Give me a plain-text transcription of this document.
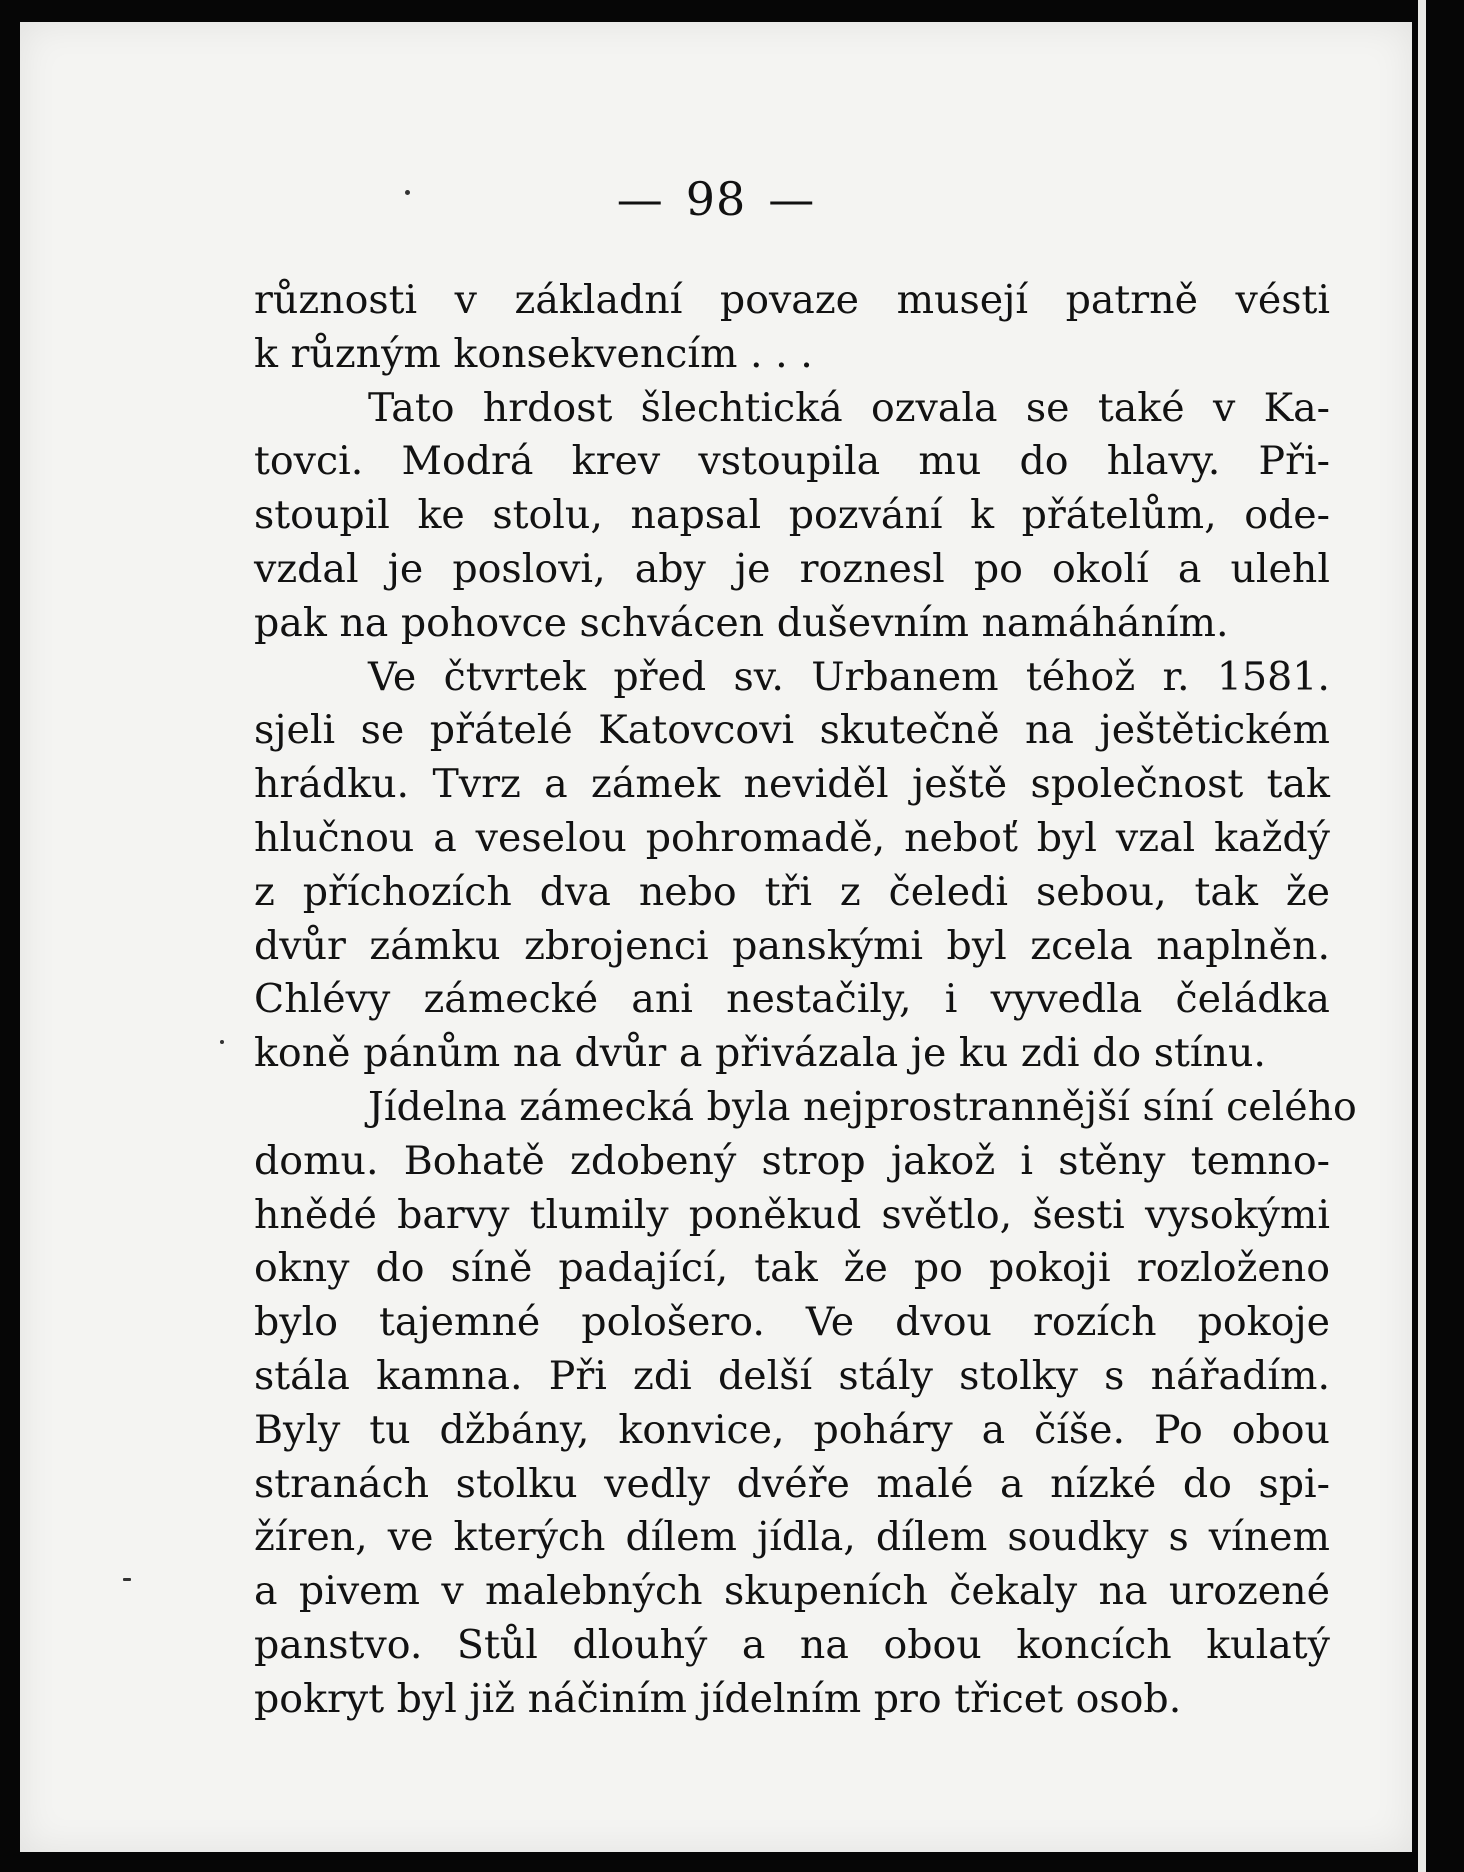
— 98 —
různosti v základní povaze musejí patrně vésti
k různým konsekvencím . . .
Tato hrdost šlechtická ozvala se také v Ka-
tovci. Modrá krev vstoupila mu do hlavy. Při-
stoupil ke stolu, napsal pozvání k přátelům, ode-
vzdal je poslovi, aby je roznesl po okolí a ulehl
pak na pohovce schvácen duševním namáháním.
Ve čtvrtek před sv. Urbanem téhož r. 1581.
sjeli se přátelé Katovcovi skutečně na ještětickém
hrádku. Tvrz a zámek neviděl ještě společnost tak
hlučnou a veselou pohromadě, neboť byl vzal každý
z příchozích dva nebo tři z čeledi sebou, tak že
dvůr zámku zbrojenci panskými byl zcela naplněn.
Chlévy zámecké ani nestačily, i vyvedla čeládka
koně pánům na dvůr a přivázala je ku zdi do stínu.
Jídelna zámecká byla nejprostrannější síní celého
domu. Bohatě zdobený strop jakož i stěny temno-
hnědé barvy tlumily poněkud světlo, šesti vysokými
okny do síně padající, tak že po pokoji rozloženo
bylo tajemné pološero. Ve dvou rozích pokoje
stála kamna. Při zdi delší stály stolky s nářadím.
Byly tu džbány, konvice, poháry a číše. Po obou
stranách stolku vedly dvéře malé a nízké do spi-
žíren, ve kterých dílem jídla, dílem soudky s vínem
a pivem v malebných skupeních čekaly na urozené
panstvo. Stůl dlouhý a na obou koncích kulatý
pokryt byl již náčiním jídelním pro třicet osob.
